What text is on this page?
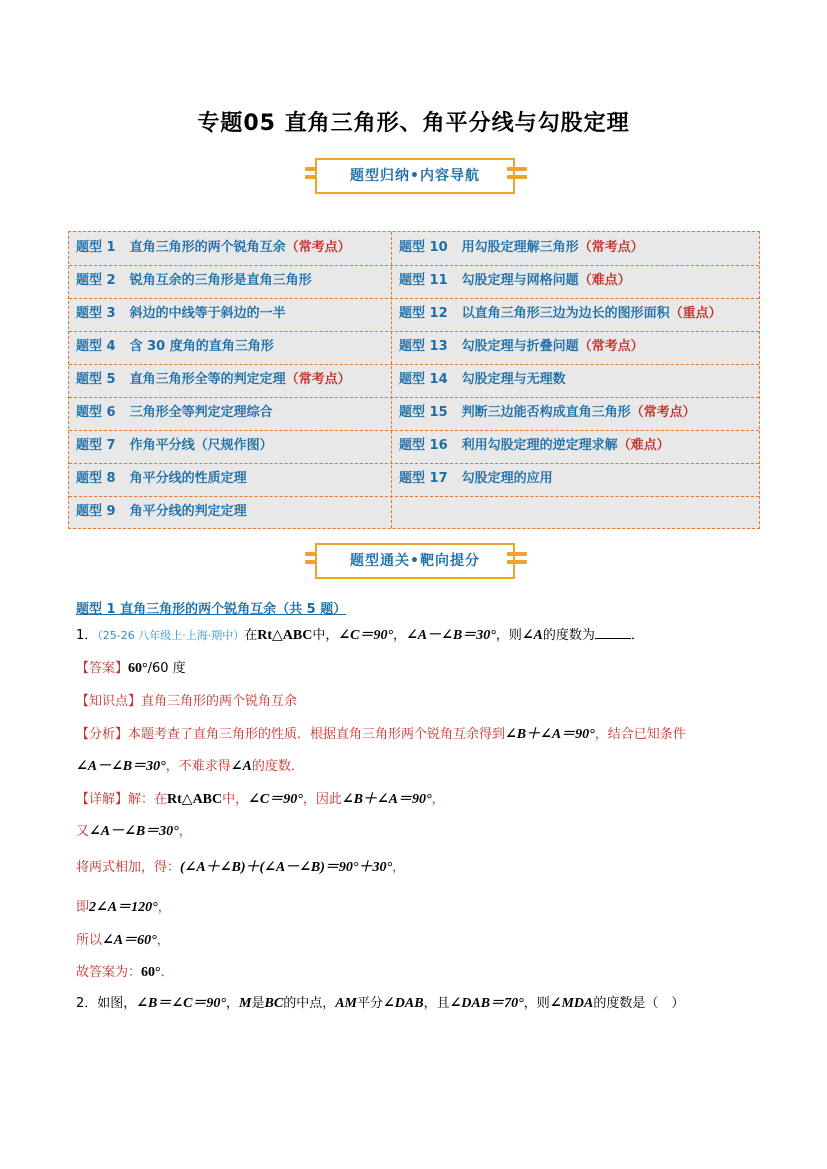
专题05 直角三角形、角平分线与勾股定理
题型归纳•内容导航
题型 1 直角三角形的两个锐角互余（常考点）
题型 2 锐角互余的三角形是直角三角形
题型 3 斜边的中线等于斜边的一半
题型 4 含 30 度角的直角三角形
题型 5 直角三角形全等的判定定理（常考点）
题型 6 三角形全等判定定理综合
题型 7 作角平分线（尺规作图）
题型 8 角平分线的性质定理
题型 9 角平分线的判定定理
题型 10 用勾股定理解三角形（常考点）
题型 11 勾股定理与网格问题（难点）
题型 12 以直角三角形三边为边长的图形面积（重点）
题型 13 勾股定理与折叠问题（常考点）
题型 14 勾股定理与无理数
题型 15 判断三边能否构成直角三角形（常考点）
题型 16 利用勾股定理的逆定理求解（难点）
题型 17 勾股定理的应用
题型通关•靶向提分
题型 1 直角三角形的两个锐角互余（共 5 题）
1．（25-26 八年级上·上海·期中）在Rt△ABC中，∠C＝90°，∠A－∠B＝30°，则∠A的度数为	．
【答案】60°/60 度
【知识点】直角三角形的两个锐角互余
【分析】本题考查了直角三角形的性质．根据直角三角形两个锐角互余得到∠B＋∠A＝90°，结合已知条件
∠A－∠B＝30°，不难求得∠A的度数．
【详解】解：在Rt△ABC中，∠C＝90°，因此∠B＋∠A＝90°，
又∠A－∠B＝30°，
将两式相加，得：(∠A＋∠B)＋(∠A－∠B)＝90°＋30°，
即2∠A＝120°，
所以∠A＝60°，
故答案为：60°．
2．如图，∠B＝∠C＝90°，M是BC的中点，AM平分∠DAB，且∠DAB＝70°，则∠MDA的度数是（　）
